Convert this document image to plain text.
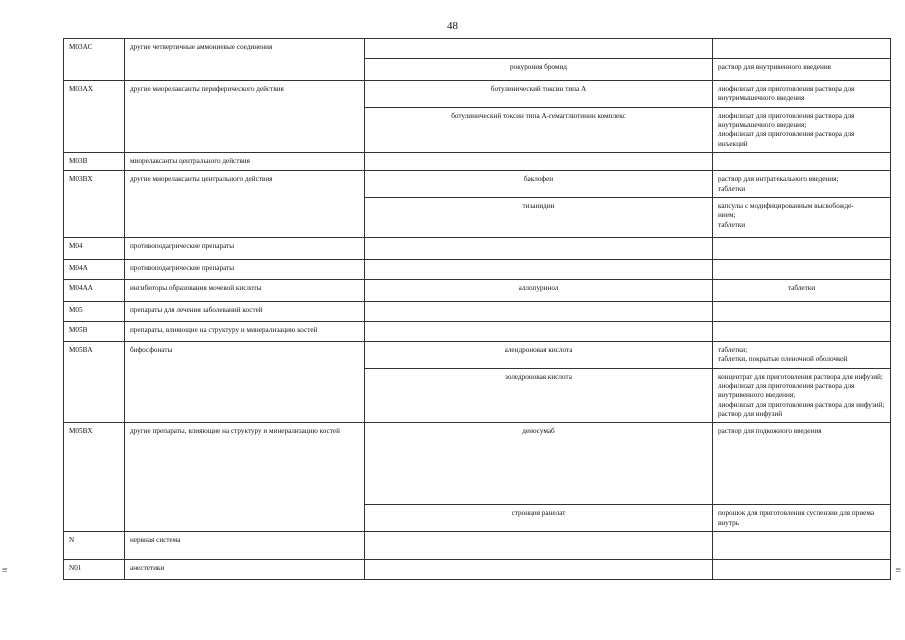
48
M03AC	другие четвертичные аммониевые соединения		
		рокурония бромид	раствор для внутривенного введения
M03AX	другие миорелаксанты периферического действия	ботулинический токсин типа A	лиофилизат для приготовления раствора для внутримышечного введения
		ботулинический токсин типа A-гемагглютинин комплекс	лиофилизат для приготовления раствора для внутримышечного введения;
лиофилизат для приготовления раствора для инъекций
M03B	миорелаксанты центрального действия		
M03BX	другие миорелаксанты центрального действия	баклофен	раствор для интратекального введения;
таблетки
		тизанидин	капсулы с модифицированным высвобожде-
нием;
таблетки
M04	противоподагрические препараты		
M04A	противоподагрические препараты		
M04AA	ингибиторы образования мочевой кислоты	аллопуринол	таблетки
M05	препараты для лечения заболеваний костей		
M05B	препараты, влияющие на структуру и минерализацию костей		
M05BA	бифосфонаты	алендроновая кислота	таблетки;
таблетки, покрытые пленочной оболочкой
		золедроновая кислота	концентрат для приготовления раствора для инфузий;
лиофилизат для приготовления раствора для внутривенного введения;
лиофилизат для приготовления раствора для инфузий;
раствор для инфузий
M05BX	другие препараты, влияющие на структуру и минерализацию костей	деносумаб	раствор для подкожного введения
		стронция ранелат	порошок для приготовления суспензии для приема внутрь
N	нервная система		
N01	анестетики		
≡	≡
